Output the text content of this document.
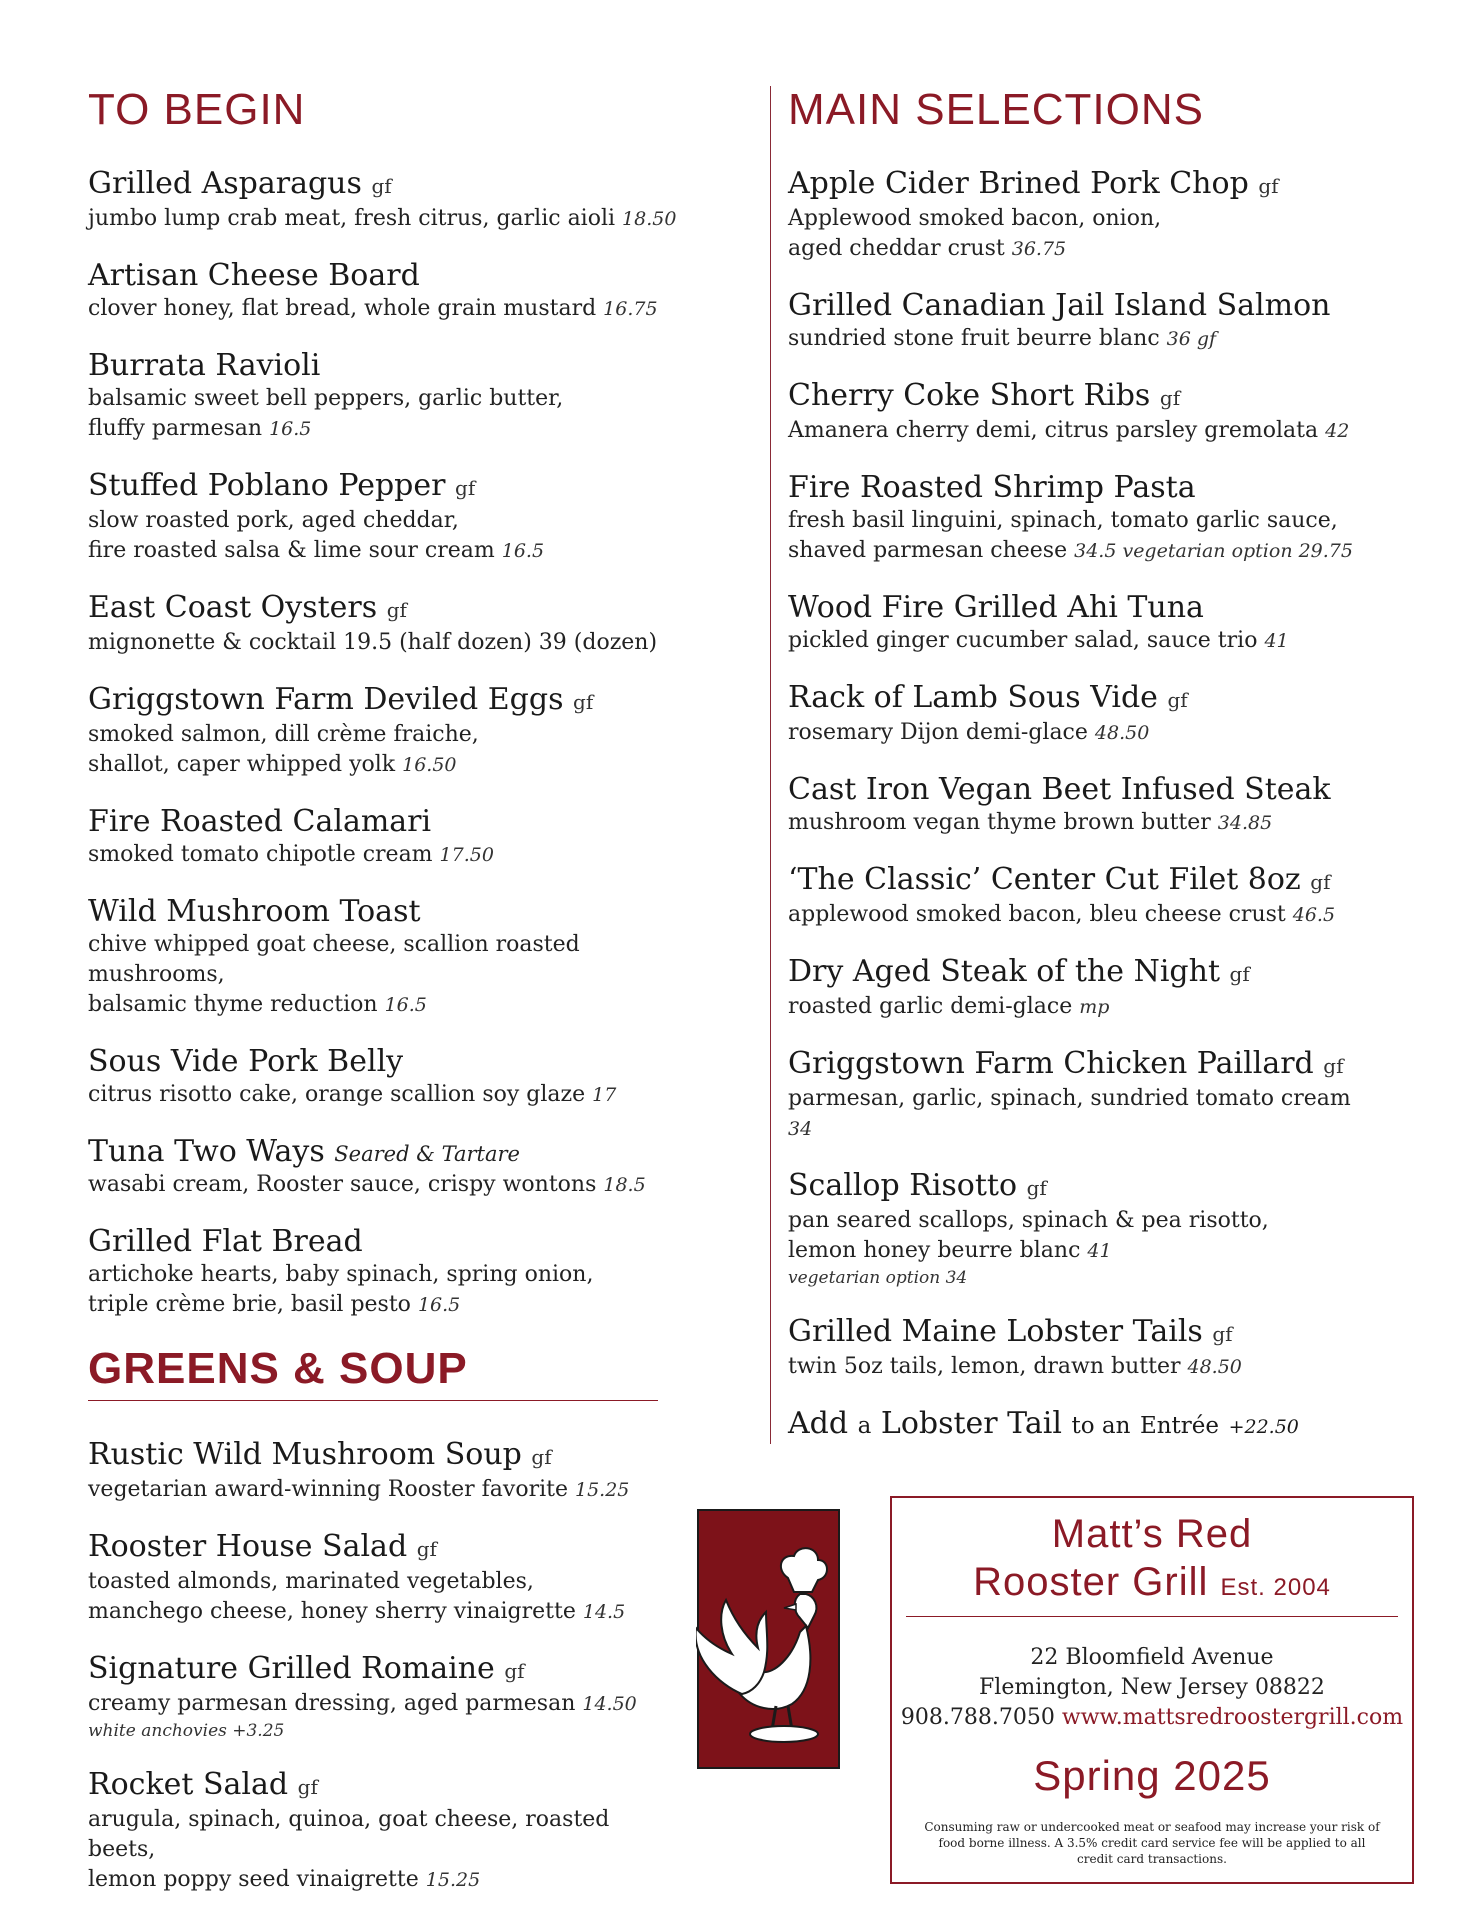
TO BEGIN
Grilled Asparagus gf
jumbo lump crab meat, fresh citrus, garlic aioli 18.50
Artisan Cheese Board
clover honey, flat bread, whole grain mustard 16.75
Burrata Ravioli
balsamic sweet bell peppers, garlic butter,
fluffy parmesan 16.5
Stuffed Poblano Pepper gf
slow roasted pork, aged cheddar,
fire roasted salsa & lime sour cream 16.5
East Coast Oysters gf
mignonette & cocktail 19.5 (half dozen) 39 (dozen)
Griggstown Farm Deviled Eggs gf
smoked salmon, dill crème fraiche,
shallot, caper whipped yolk 16.50
Fire Roasted Calamari
smoked tomato chipotle cream 17.50
Wild Mushroom Toast
chive whipped goat cheese, scallion roasted mushrooms,
balsamic thyme reduction 16.5
Sous Vide Pork Belly
citrus risotto cake, orange scallion soy glaze 17
Tuna Two Ways Seared & Tartare
wasabi cream, Rooster sauce, crispy wontons 18.5
Grilled Flat Bread
artichoke hearts, baby spinach, spring onion,
triple crème brie, basil pesto 16.5
GREENS & SOUP
Rustic Wild Mushroom Soup gf
vegetarian award-winning Rooster favorite 15.25
Rooster House Salad gf
toasted almonds, marinated vegetables,
manchego cheese, honey sherry vinaigrette 14.5
Signature Grilled Romaine gf
creamy parmesan dressing, aged parmesan 14.50
white anchovies +3.25
Rocket Salad gf
arugula, spinach, quinoa, goat cheese, roasted beets,
lemon poppy seed vinaigrette 15.25
MAIN SELECTIONS
Apple Cider Brined Pork Chop gf
Applewood smoked bacon, onion,
aged cheddar crust 36.75
Grilled Canadian Jail Island Salmon
sundried stone fruit beurre blanc 36 gf
Cherry Coke Short Ribs gf
Amanera cherry demi, citrus parsley gremolata 42
Fire Roasted Shrimp Pasta
fresh basil linguini, spinach, tomato garlic sauce,
shaved parmesan cheese 34.5 vegetarian option 29.75
Wood Fire Grilled Ahi Tuna
pickled ginger cucumber salad, sauce trio 41
Rack of Lamb Sous Vide gf
rosemary Dijon demi-glace 48.50
Cast Iron Vegan Beet Infused Steak
mushroom vegan thyme brown butter 34.85
‘The Classic’ Center Cut Filet 8oz gf
applewood smoked bacon, bleu cheese crust 46.5
Dry Aged Steak of the Night gf
roasted garlic demi-glace mp
Griggstown Farm Chicken Paillard gf
parmesan, garlic, spinach, sundried tomato cream 34
Scallop Risotto gf
pan seared scallops, spinach & pea risotto,
lemon honey beurre blanc 41
vegetarian option 34
Grilled Maine Lobster Tails gf
twin 5oz tails, lemon, drawn butter 48.50
Add a Lobster Tail to an Entrée +22.50
Matt’s Red
Rooster Grill Est. 2004
22 Bloomfield Avenue
Flemington, New Jersey 08822
908.788.7050 www.mattsredroostergrill.com
Spring 2025
Consuming raw or undercooked meat or seafood may increase your risk of food borne illness. A 3.5% credit card service fee will be applied to all credit card transactions.
